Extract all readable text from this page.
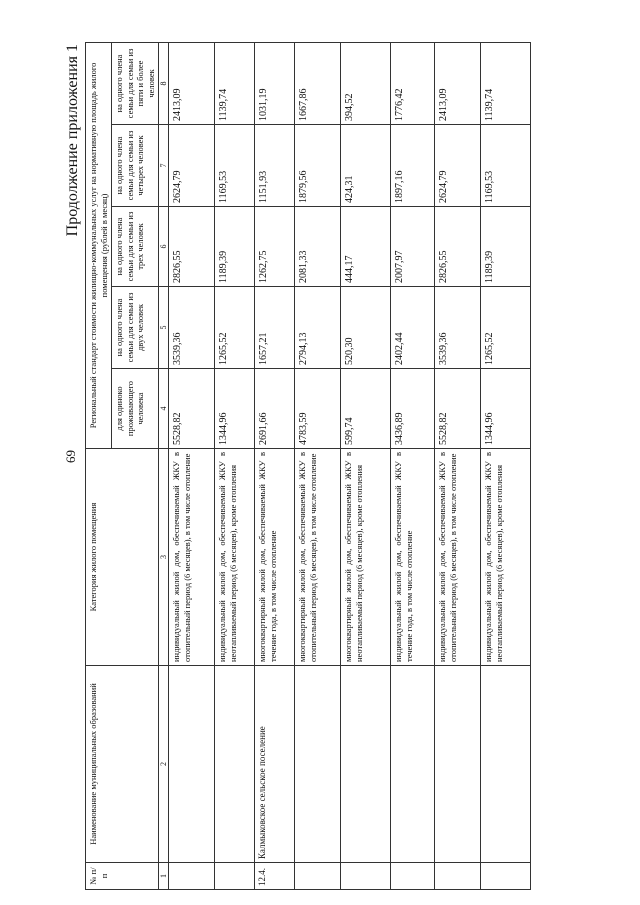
69
Продолжение приложения 1
№ п/п	Наименование муниципальных образований	Категория жилого помещения	Региональный стандарт стоимости жилищно-коммунальных услуг на нормативную площадь жилого помещения (рублей в месяц)				
			для одиноко проживающего человека	на одного члена семьи для семьи из двух человек	на одного члена семьи для семьи из трех человек	на одного члена семьи для семьи из четырех человек	на одного члена семьи для семьи из пяти и более человек

1	2	3	4	5	6	7	8
		индивидуальный жилой дом, обеспечиваемый ЖКУ в отопительный период (6 месяцев), в том числе отопление	5528,82	3539,36	2826,55	2624,79	2413,09
		индивидуальный жилой дом, обеспечиваемый ЖКУ в неотапливаемый период (6 месяцев), кроме отопления	1344,96	1265,52	1189,39	1169,53	1139,74
12.4.	Калмыковское сельское поселение	многоквартирный жилой дом, обеспечиваемый ЖКУ в течение года, в том числе отопление	2691,66	1657,21	1262,75	1151,93	1031,19
		многоквартирный жилой дом, обеспечиваемый ЖКУ в отопительный период (6 месяцев), в том числе отопление	4783,59	2794,13	2081,33	1879,56	1667,86
		многоквартирный жилой дом, обеспечиваемый ЖКУ в неотапливаемый период (6 месяцев), кроме отопления	599,74	520,30	444,17	424,31	394,52
		индивидуальный жилой дом, обеспечиваемый ЖКУ в течение года, в том числе отопление	3436,89	2402,44	2007,97	1897,16	1776,42
		индивидуальный жилой дом, обеспечиваемый ЖКУ в отопительный период (6 месяцев), в том числе отопление	5528,82	3539,36	2826,55	2624,79	2413,09
		индивидуальный жилой дом, обеспечиваемый ЖКУ в неотапливаемый период (6 месяцев), кроме отопления	1344,96	1265,52	1189,39	1169,53	1139,74
